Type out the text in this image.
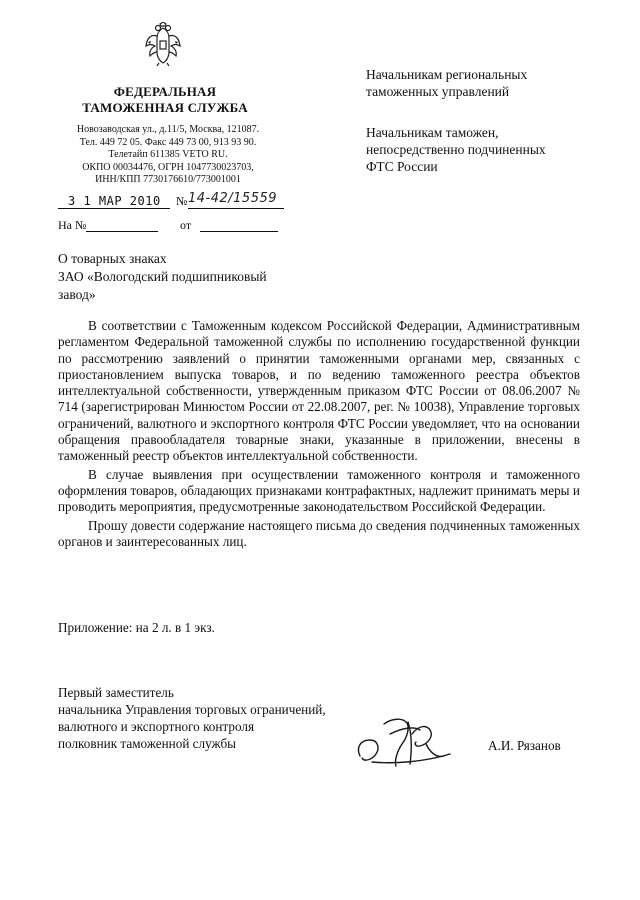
ФЕДЕРАЛЬНАЯ
ТАМОЖЕННАЯ СЛУЖБА
Новозаводская ул., д.11/5, Москва, 121087.
Тел. 449 72 05. Факс 449 73 00, 913 93 90.
Телетайп 611385 VETO RU.
ОКПО 00034476, ОГРН 1047730023703,
ИНН/КПП 7730176610/773001001
3 1 MAP 2010 № 14-42/15559
На №	от
Начальникам региональных
таможенных управлений
Начальникам таможен,
непосредственно подчиненных
ФТС России
О товарных знаках
ЗАО «Вологодский подшипниковый
завод»

В соответствии с Таможенным кодексом Российской Федерации, Административным регламентом Федеральной таможенной службы по исполнению государственной функции по рассмотрению заявлений о принятии таможенными органами мер, связанных с приостановлением выпуска товаров, и по ведению таможенного реестра объектов интеллектуальной собственности, утвержденным приказом ФТС России от 08.06.2007 № 714 (зарегистрирован Минюстом России от 22.08.2007, рег. № 10038), Управление торговых ограничений, валютного и экспортного контроля ФТС России уведомляет, что на основании обращения правообладателя товарные знаки, указанные в приложении, внесены в таможенный реестр объектов интеллектуальной собственности.

В случае выявления при осуществлении таможенного контроля и таможенного оформления товаров, обладающих признаками контрафактных, надлежит принимать меры и проводить мероприятия, предусмотренные законодательством Российской Федерации.

Прошу довести содержание настоящего письма до сведения подчиненных таможенных органов и заинтересованных лиц.

Приложение: на 2 л. в 1 экз.
Первый заместитель
начальника Управления торговых ограничений,
валютного и экспортного контроля
полковник таможенной службы	А.И. Рязанов
